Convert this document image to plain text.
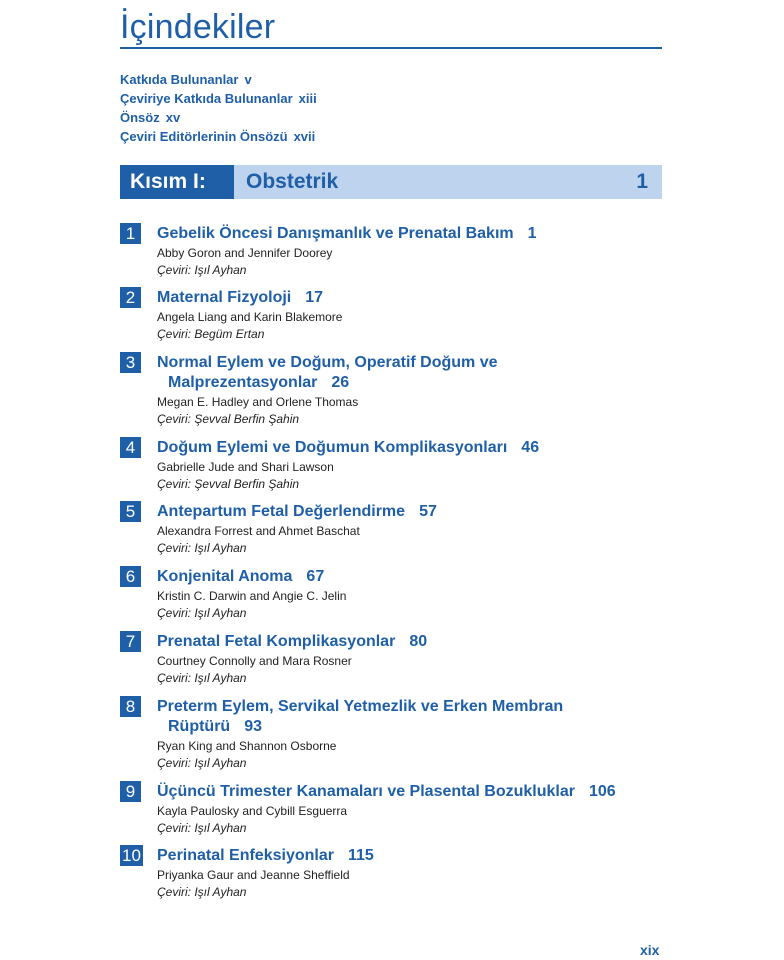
İçindekiler
Katkıda Bulunanlar v
Çeviriye Katkıda Bulunanlar xiii
Önsöz xv
Çeviri Editörlerinin Önsözü xvii
Kısım I:	Obstetrik	1
1	Gebelik Öncesi Danışmanlık ve Prenatal Bakım 1
Abby Goron and Jennifer Doorey
Çeviri: Işıl Ayhan
2	Maternal Fizyoloji 17
Angela Liang and Karin Blakemore
Çeviri: Begüm Ertan
3	Normal Eylem ve Doğum, Operatif Doğum ve
Malprezentasyonlar 26
Megan E. Hadley and Orlene Thomas
Çeviri: Şevval Berfin Şahin
4	Doğum Eylemi ve Doğumun Komplikasyonları 46
Gabrielle Jude and Shari Lawson
Çeviri: Şevval Berfin Şahin
5	Antepartum Fetal Değerlendirme 57
Alexandra Forrest and Ahmet Baschat
Çeviri: Işıl Ayhan
6	Konjenital Anoma 67
Kristin C. Darwin and Angie C. Jelin
Çeviri: Işıl Ayhan
7	Prenatal Fetal Komplikasyonlar 80
Courtney Connolly and Mara Rosner
Çeviri: Işıl Ayhan
8	Preterm Eylem, Servikal Yetmezlik ve Erken Membran
Rüptürü 93
Ryan King and Shannon Osborne
Çeviri: Işıl Ayhan
9	Üçüncü Trimester Kanamaları ve Plasental Bozukluklar 106
Kayla Paulosky and Cybill Esguerra
Çeviri: Işıl Ayhan
10 Perinatal Enfeksiyonlar 115
Priyanka Gaur and Jeanne Sheffield
Çeviri: Işıl Ayhan
xix
